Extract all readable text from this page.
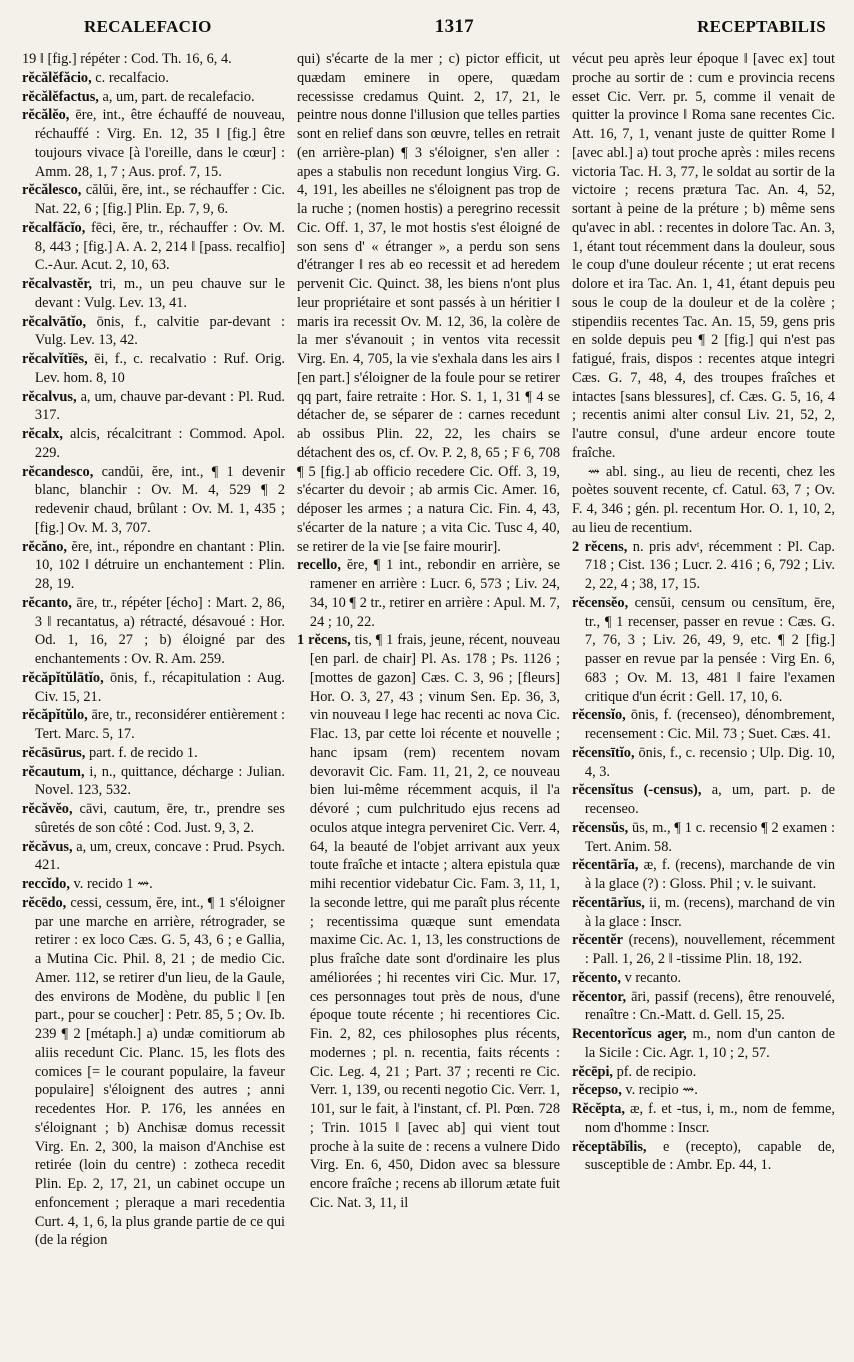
RECALEFACIO	1317	RECEPTABILIS

19 ‖ [fig.] répéter : Cod. Th. 16, 6, 4.

rĕcălĕfăcio, c. recalfacio.

rĕcălĕfactus, a, um, part. de recalefacio.

rĕcălĕo, ēre, int., être échauffé de nouveau, réchauffé : Virg. En. 12, 35 ‖ [fig.] être toujours vivace [à l'oreille, dans le cœur] : Amm. 28, 1, 7 ; Aus. prof. 7, 15.

rĕcălesco, călŭi, ĕre, int., se réchauffer : Cic. Nat. 22, 6 ; [fig.] Plin. Ep. 7, 9, 6.

rĕcalfăcĭo, fēci, ĕre, tr., réchauffer : Ov. M. 8, 443 ; [fig.] A. A. 2, 214 ‖ [pass. recalfio] C.-Aur. Acut. 2, 10, 63.

rĕcalvastĕr, tri, m., un peu chauve sur le devant : Vulg. Lev. 13, 41.

rĕcalvātĭo, ōnis, f., calvitie par-devant : Vulg. Lev. 13, 42.

rĕcalvĭtĭēs, ēi, f., c. recalvatio : Ruf. Orig. Lev. hom. 8, 10

rĕcalvus, a, um, chauve par-devant : Pl. Rud. 317.

rĕcalx, alcis, récalcitrant : Commod. Apol. 229.

rĕcandesco, candŭi, ĕre, int., ¶ 1 devenir blanc, blanchir : Ov. M. 4, 529 ¶ 2 redevenir chaud, brûlant : Ov. M. 1, 435 ; [fig.] Ov. M. 3, 707.

rĕcăno, ĕre, int., répondre en chantant : Plin. 10, 102 ‖ détruire un enchantement : Plin. 28, 19.

rĕcanto, āre, tr., répéter [écho] : Mart. 2, 86, 3 ‖ recantatus, a) rétracté, désavoué : Hor. Od. 1, 16, 27 ; b) éloigné par des enchantements : Ov. R. Am. 259.

rĕcăpĭtŭlātĭo, ōnis, f., récapitulation : Aug. Civ. 15, 21.

rĕcăpĭtŭlo, āre, tr., reconsidérer entièrement : Tert. Marc. 5, 17.

rĕcāsūrus, part. f. de recido 1.

rĕcautum, i, n., quittance, décharge : Julian. Novel. 123, 532.

rĕcăvĕo, cāvi, cautum, ēre, tr., prendre ses sûretés de son côté : Cod. Just. 9, 3, 2.

rĕcăvus, a, um, creux, concave : Prud. Psych. 421.

reccĭdo, v. recido 1 ⇝.

rĕcēdo, cessi, cessum, ĕre, int., ¶ 1 s'éloigner par une marche en arrière, rétrograder, se retirer : ex loco Cæs. G. 5, 43, 6 ; e Gallia, a Mutina Cic. Phil. 8, 21 ; de medio Cic. Amer. 112, se retirer d'un lieu, de la Gaule, des environs de Modène, du public ‖ [en part., pour se coucher] : Petr. 85, 5 ; Ov. Ib. 239 ¶ 2 [métaph.] a) undæ comitiorum ab aliis recedunt Cic. Planc. 15, les flots des comices [= le courant populaire, la faveur populaire] s'éloignent des autres ; anni recedentes Hor. P. 176, les années en s'éloignant ; b) Anchisæ domus recessit Virg. En. 2, 300, la maison d'Anchise est retirée (loin du centre) : zotheca recedit Plin. Ep. 2, 17, 21, un cabinet occupe un enfoncement ; pleraque a mari recedentia Curt. 4, 1, 6, la plus grande partie de ce qui (de la région

qui) s'écarte de la mer ; c) pictor efficit, ut quædam eminere in opere, quædam recessisse credamus Quint. 2, 17, 21, le peintre nous donne l'illusion que telles parties sont en relief dans son œuvre, telles en retrait (en arrière-plan) ¶ 3 s'éloigner, s'en aller : apes a stabulis non recedunt longius Virg. G. 4, 191, les abeilles ne s'éloignent pas trop de la ruche ; (nomen hostis) a peregrino recessit Cic. Off. 1, 37, le mot hostis s'est éloigné de son sens d' « étranger », a perdu son sens d'étranger ‖ res ab eo recessit et ad heredem pervenit Cic. Quinct. 38, les biens n'ont plus leur propriétaire et sont passés à un héritier ‖ maris ira recessit Ov. M. 12, 36, la colère de la mer s'évanouit ; in ventos vita recessit Virg. En. 4, 705, la vie s'exhala dans les airs ‖ [en part.] s'éloigner de la foule pour se retirer qq part, faire retraite : Hor. S. 1, 1, 31 ¶ 4 se détacher de, se séparer de : carnes recedunt ab ossibus Plin. 22, 22, les chairs se détachent des os, cf. Ov. P. 2, 8, 65 ; F 6, 708 ¶ 5 [fig.] ab officio recedere Cic. Off. 3, 19, s'écarter du devoir ; ab armis Cic. Amer. 16, déposer les armes ; a natura Cic. Fin. 4, 43, s'écarter de la nature ; a vita Cic. Tusc 4, 40, se retirer de la vie [se faire mourir].

recello, ĕre, ¶ 1 int., rebondir en arrière, se ramener en arrière : Lucr. 6, 573 ; Liv. 24, 34, 10 ¶ 2 tr., retirer en arrière : Apul. M. 7, 24 ; 10, 22.

1 rĕcens, tis, ¶ 1 frais, jeune, récent, nouveau [en parl. de chair] Pl. As. 178 ; Ps. 1126 ; [mottes de gazon] Cæs. C. 3, 96 ; [fleurs] Hor. O. 3, 27, 43 ; vinum Sen. Ep. 36, 3, vin nouveau ‖ lege hac recenti ac nova Cic. Flac. 13, par cette loi récente et nouvelle ; hanc ipsam (rem) recentem novam devoravit Cic. Fam. 11, 21, 2, ce nouveau bien lui-même récemment acquis, il l'a dévoré ; cum pulchritudo ejus recens ad oculos atque integra perveniret Cic. Verr. 4, 64, la beauté de l'objet arrivant aux yeux toute fraîche et intacte ; altera epistula quæ mihi recentior videbatur Cic. Fam. 3, 11, 1, la seconde lettre, qui me paraît plus récente ; recentissima quæque sunt emendata maxime Cic. Ac. 1, 13, les constructions de plus fraîche date sont d'ordinaire les plus améliorées ; hi recentes viri Cic. Mur. 17, ces personnages tout près de nous, d'une époque toute récente ; hi recentiores Cic. Fin. 2, 82, ces philosophes plus récents, modernes ; pl. n. recentia, faits récents : Cic. Leg. 4, 21 ; Part. 37 ; recenti re Cic. Verr. 1, 139, ou recenti negotio Cic. Verr. 1, 101, sur le fait, à l'instant, cf. Pl. Pœn. 728 ; Trin. 1015 ‖ [avec ab] qui vient tout proche à la suite de : recens a vulnere Dido Virg. En. 6, 450, Didon avec sa blessure encore fraîche ; recens ab illorum ætate fuit Cic. Nat. 3, 11, il

vécut peu après leur époque ‖ [avec ex] tout proche au sortir de : cum e provincia recens esset Cic. Verr. pr. 5, comme il venait de quitter la province ‖ Roma sane recentes Cic. Att. 16, 7, 1, venant juste de quitter Rome ‖ [avec abl.] a) tout proche après : miles recens victoria Tac. H. 3, 77, le soldat au sortir de la victoire ; recens prætura Tac. An. 4, 52, sortant à peine de la préture ; b) même sens qu'avec in abl. : recentes in dolore Tac. An. 3, 1, étant tout récemment dans la douleur, sous le coup d'une douleur récente ; ut erat recens dolore et ira Tac. An. 1, 41, étant depuis peu sous le coup de la douleur et de la colère ; stipendiis recentes Tac. An. 15, 59, gens pris en solde depuis peu ¶ 2 [fig.] qui n'est pas fatigué, frais, dispos : recentes atque integri Cæs. G. 7, 48, 4, des troupes fraîches et intactes [sans blessures], cf. Cæs. G. 5, 16, 4 ; recentis animi alter consul Liv. 21, 52, 2, l'autre consul, d'une ardeur encore toute fraîche.

⇝ abl. sing., au lieu de recenti, chez les poètes souvent recente, cf. Catul. 63, 7 ; Ov. F. 4, 346 ; gén. pl. recentum Hor. O. 1, 10, 2, au lieu de recentium.

2 rĕcens, n. pris advᵗ, récemment : Pl. Cap. 718 ; Cist. 136 ; Lucr. 2. 416 ; 6, 792 ; Liv. 2, 22, 4 ; 38, 17, 15.

rĕcensĕo, censŭi, censum ou censītum, ēre, tr., ¶ 1 recenser, passer en revue : Cæs. G. 7, 76, 3 ; Liv. 26, 49, 9, etc. ¶ 2 [fig.] passer en revue par la pensée : Virg En. 6, 683 ; Ov. M. 13, 481 ‖ faire l'examen critique d'un écrit : Gell. 17, 10, 6.

rĕcensĭo, ōnis, f. (recenseo), dénombrement, recensement : Cic. Mil. 73 ; Suet. Cæs. 41.

rĕcensītĭo, ōnis, f., c. recensio ; Ulp. Dig. 10, 4, 3.

rĕcensĭtus (-census), a, um, part. p. de recenseo.

rĕcensŭs, ūs, m., ¶ 1 c. recensio ¶ 2 examen : Tert. Anim. 58.

rĕcentārĭa, æ, f. (recens), marchande de vin à la glace (?) : Gloss. Phil ; v. le suivant.

rĕcentārĭus, ii, m. (recens), marchand de vin à la glace : Inscr.

rĕcentĕr (recens), nouvellement, récemment : Pall. 1, 26, 2 ‖ -tissime Plin. 18, 192.

rĕcento, v recanto.

rĕcentor, āri, passif (recens), être renouvelé, renaître : Cn.-Matt. d. Gell. 15, 25.

Recentorĭcus ager, m., nom d'un canton de la Sicile : Cic. Agr. 1, 10 ; 2, 57.

rĕcēpi, pf. de recipio.

rĕcepso, v. recipio ⇝.

Rĕcĕpta, æ, f. et -tus, i, m., nom de femme, nom d'homme : Inscr.

rĕceptābĭlis, e (recepto), capable de, susceptible de : Ambr. Ep. 44, 1.
